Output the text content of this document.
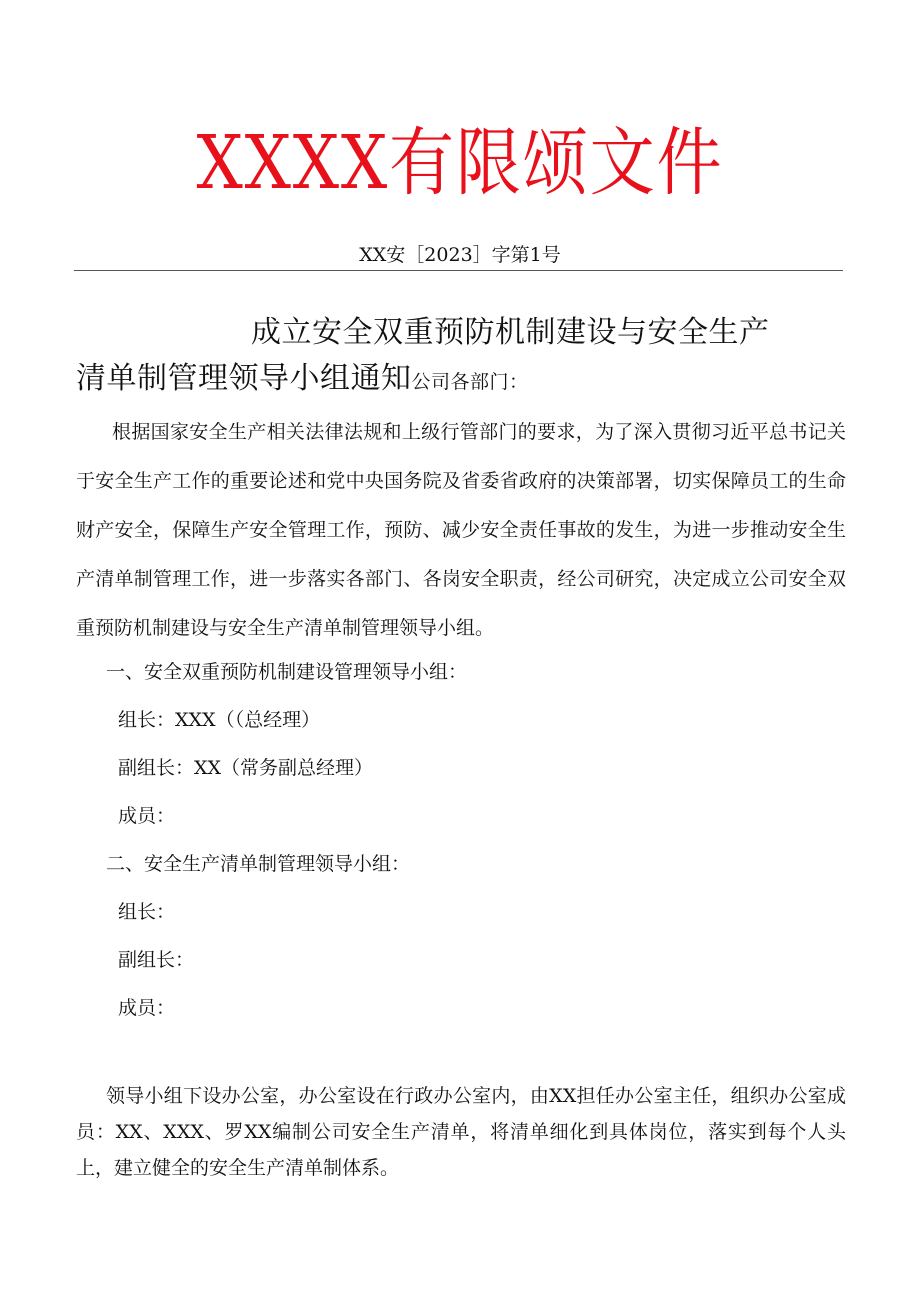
XXXX有限颂文件
XX安［2023］字第1号
成立安全双重预防机制建设与安全生产
清单制管理领导小组通知公司各部门：
根据国家安全生产相关法律法规和上级行管部门的要求，为了深入贯彻习近平总书记关于安全生产工作的重要论述和党中央国务院及省委省政府的决策部署，切实保障员工的生命财产安全，保障生产安全管理工作，预防、减少安全责任事故的发生，为进一步推动安全生产清单制管理工作，进一步落实各部门、各岗安全职责，经公司研究，决定成立公司安全双重预防机制建设与安全生产清单制管理领导小组。
一、安全双重预防机制建设管理领导小组：
组长：XXX（（总经理）
副组长：XX（常务副总经理）
成员：
二、安全生产清单制管理领导小组：
组长：
副组长：
成员：
领导小组下设办公室，办公室设在行政办公室内，由XX担任办公室主任，组织办公室成员：XX、XXX、罗XX编制公司安全生产清单，将清单细化到具体岗位，落实到每个人头上，建立健全的安全生产清单制体系。
